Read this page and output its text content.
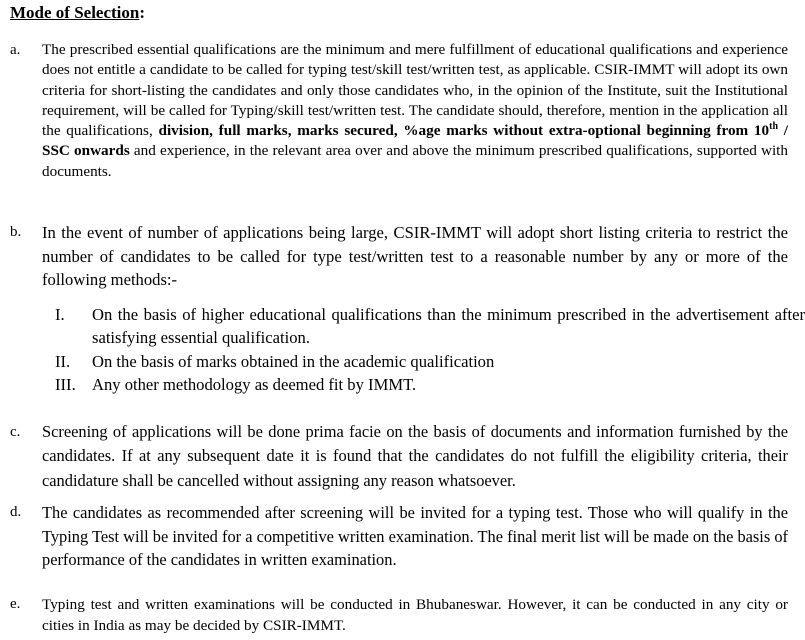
Mode of Selection:
a. The prescribed essential qualifications are the minimum and mere fulfillment of educational qualifications and experience does not entitle a candidate to be called for typing test/skill test/written test, as applicable. CSIR-IMMT will adopt its own criteria for short-listing the candidates and only those candidates who, in the opinion of the Institute, suit the Institutional requirement, will be called for Typing/skill test/written test. The candidate should, therefore, mention in the application all the qualifications, division, full marks, marks secured, %age marks without extra-optional beginning from 10th / SSC onwards and experience, in the relevant area over and above the minimum prescribed qualifications, supported with documents.
b. In the event of number of applications being large, CSIR-IMMT will adopt short listing criteria to restrict the number of candidates to be called for type test/written test to a reasonable number by any or more of the following methods:-
I. On the basis of higher educational qualifications than the minimum prescribed in the advertisement after satisfying essential qualification.
II. On the basis of marks obtained in the academic qualification
III. Any other methodology as deemed fit by IMMT.
c. Screening of applications will be done prima facie on the basis of documents and information furnished by the candidates. If at any subsequent date it is found that the candidates do not fulfill the eligibility criteria, their candidature shall be cancelled without assigning any reason whatsoever.
d. The candidates as recommended after screening will be invited for a typing test. Those who will qualify in the Typing Test will be invited for a competitive written examination. The final merit list will be made on the basis of performance of the candidates in written examination.
e. Typing test and written examinations will be conducted in Bhubaneswar. However, it can be conducted in any city or cities in India as may be decided by CSIR-IMMT.
